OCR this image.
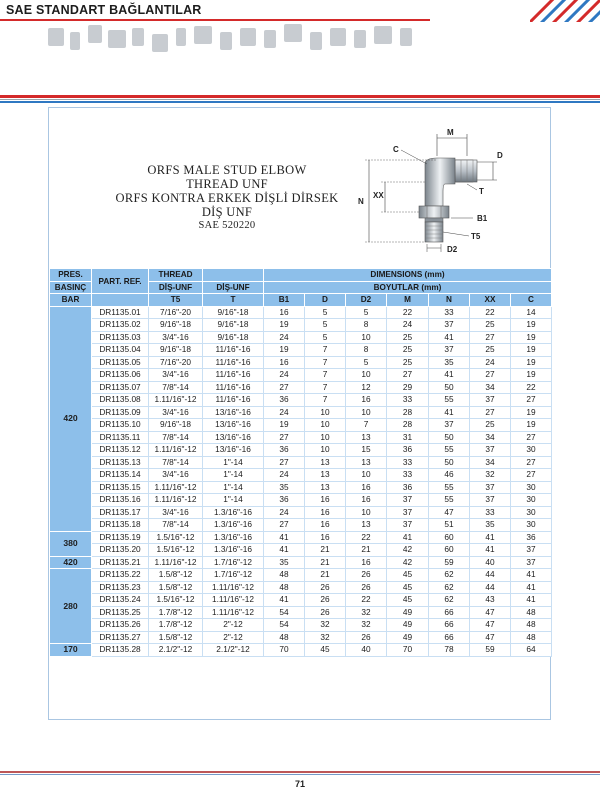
SAE STANDART BAĞLANTILAR
ORFS MALE STUD ELBOW
THREAD UNF
ORFS KONTRA ERKEK DİŞLİ DİRSEK DİŞ UNF
SAE 520220
M
C
D
T
XX
N
B1
T5
D2
PRES.	PART. REF.	THREAD		DIMENSIONS (mm)						
BASINÇ		DİŞ-UNF	DİŞ-UNF	BOYUTLAR (mm)						
BAR		T5	T	B1	D	D2	M	N	XX	C
420	DR1135.01	7/16"-20	9/16"-18	16	5	5	22	33	22	14
	DR1135.02	9/16"-18	9/16"-18	19	5	8	24	37	25	19
	DR1135.03	3/4"-16	9/16"-18	24	5	10	25	41	27	19
	DR1135.04	9/16"-18	11/16"-16	19	7	8	25	37	25	19
	DR1135.05	7/16"-20	11/16"-16	16	7	5	25	35	24	19
	DR1135.06	3/4"-16	11/16"-16	24	7	10	27	41	27	19
	DR1135.07	7/8"-14	11/16"-16	27	7	12	29	50	34	22
	DR1135.08	1.11/16"-12	11/16"-16	36	7	16	33	55	37	27
	DR1135.09	3/4"-16	13/16"-16	24	10	10	28	41	27	19
	DR1135.10	9/16"-18	13/16"-16	19	10	7	28	37	25	19
	DR1135.11	7/8"-14	13/16"-16	27	10	13	31	50	34	27
	DR1135.12	1.11/16"-12	13/16"-16	36	10	15	36	55	37	30
	DR1135.13	7/8"-14	1"-14	27	13	13	33	50	34	27
	DR1135.14	3/4"-16	1"-14	24	13	10	33	46	32	27
	DR1135.15	1.11/16"-12	1"-14	35	13	16	36	55	37	30
	DR1135.16	1.11/16"-12	1"-14	36	16	16	37	55	37	30
	DR1135.17	3/4"-16	1.3/16"-16	24	16	10	37	47	33	30
	DR1135.18	7/8"-14	1.3/16"-16	27	16	13	37	51	35	30
380	DR1135.19	1.5/16"-12	1.3/16"-16	41	16	22	41	60	41	36
	DR1135.20	1.5/16"-12	1.3/16"-16	41	21	21	42	60	41	37
420	DR1135.21	1.11/16"-12	1.7/16"-12	35	21	16	42	59	40	37
280	DR1135.22	1.5/8"-12	1.7/16"-12	48	21	26	45	62	44	41
	DR1135.23	1.5/8"-12	1.11/16"-12	48	26	26	45	62	44	41
	DR1135.24	1.5/16"-12	1.11/16"-12	41	26	22	45	62	43	41
	DR1135.25	1.7/8"-12	1.11/16"-12	54	26	32	49	66	47	48
	DR1135.26	1.7/8"-12	2"-12	54	32	32	49	66	47	48
	DR1135.27	1.5/8"-12	2"-12	48	32	26	49	66	47	48
170	DR1135.28	2.1/2"-12	2.1/2"-12	70	45	40	70	78	59	64
71
